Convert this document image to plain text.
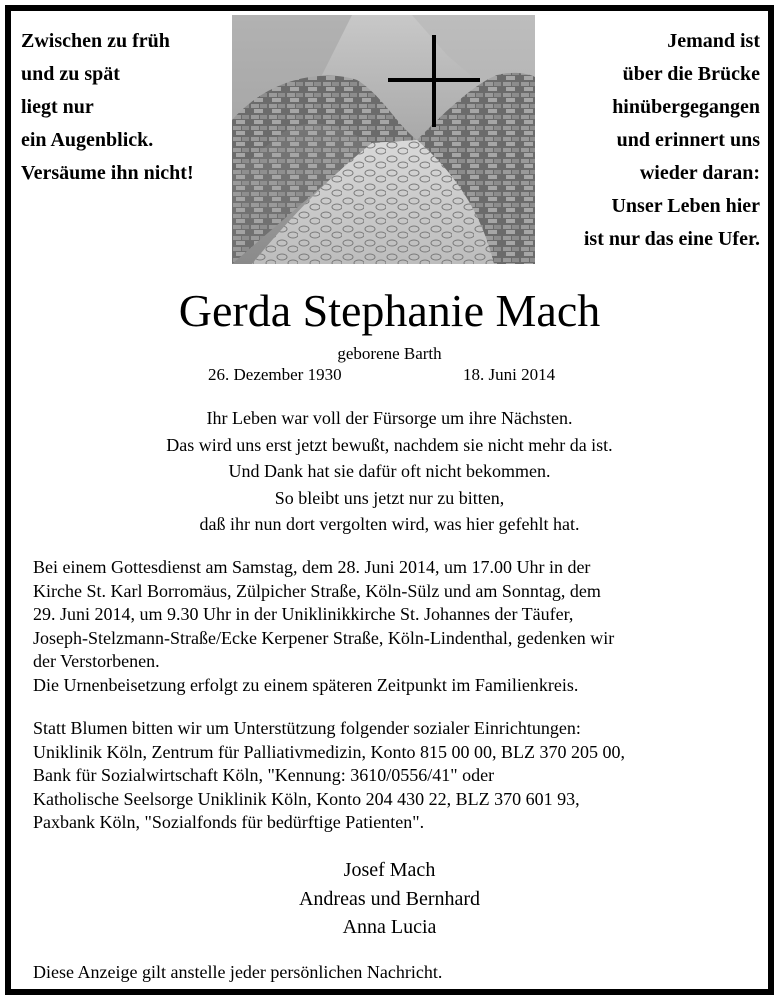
Zwischen zu früh
und zu spät
liegt nur
ein Augenblick.
Versäume ihn nicht!
Jemand ist
über die Brücke
hinübergegangen
und erinnert uns
wieder daran:
Unser Leben hier
ist nur das eine Ufer.
Gerda Stephanie Mach
geborene Barth
26. Dezember 1930	18. Juni 2014
Ihr Leben war voll der Fürsorge um ihre Nächsten.
Das wird uns erst jetzt bewußt, nachdem sie nicht mehr da ist.
Und Dank hat sie dafür oft nicht bekommen.
So bleibt uns jetzt nur zu bitten,
daß ihr nun dort vergolten wird, was hier gefehlt hat.
Bei einem Gottesdienst am Samstag, dem 28. Juni 2014, um 17.00 Uhr in der
Kirche St. Karl Borromäus, Zülpicher Straße, Köln-Sülz und am Sonntag, dem
29. Juni 2014, um 9.30 Uhr in der Uniklinikkirche St. Johannes der Täufer,
Joseph-Stelzmann-Straße/Ecke Kerpener Straße, Köln-Lindenthal, gedenken wir
der Verstorbenen.
Die Urnenbeisetzung erfolgt zu einem späteren Zeitpunkt im Familienkreis.
Statt Blumen bitten wir um Unterstützung folgender sozialer Einrichtungen:
Uniklinik Köln, Zentrum für Palliativmedizin, Konto 815 00 00, BLZ 370 205 00,
Bank für Sozialwirtschaft Köln, "Kennung: 3610/0556/41" oder
Katholische Seelsorge Uniklinik Köln, Konto 204 430 22, BLZ 370 601 93,
Paxbank Köln, "Sozialfonds für bedürftige Patienten".
Josef Mach
Andreas und Bernhard
Anna Lucia
Diese Anzeige gilt anstelle jeder persönlichen Nachricht.
